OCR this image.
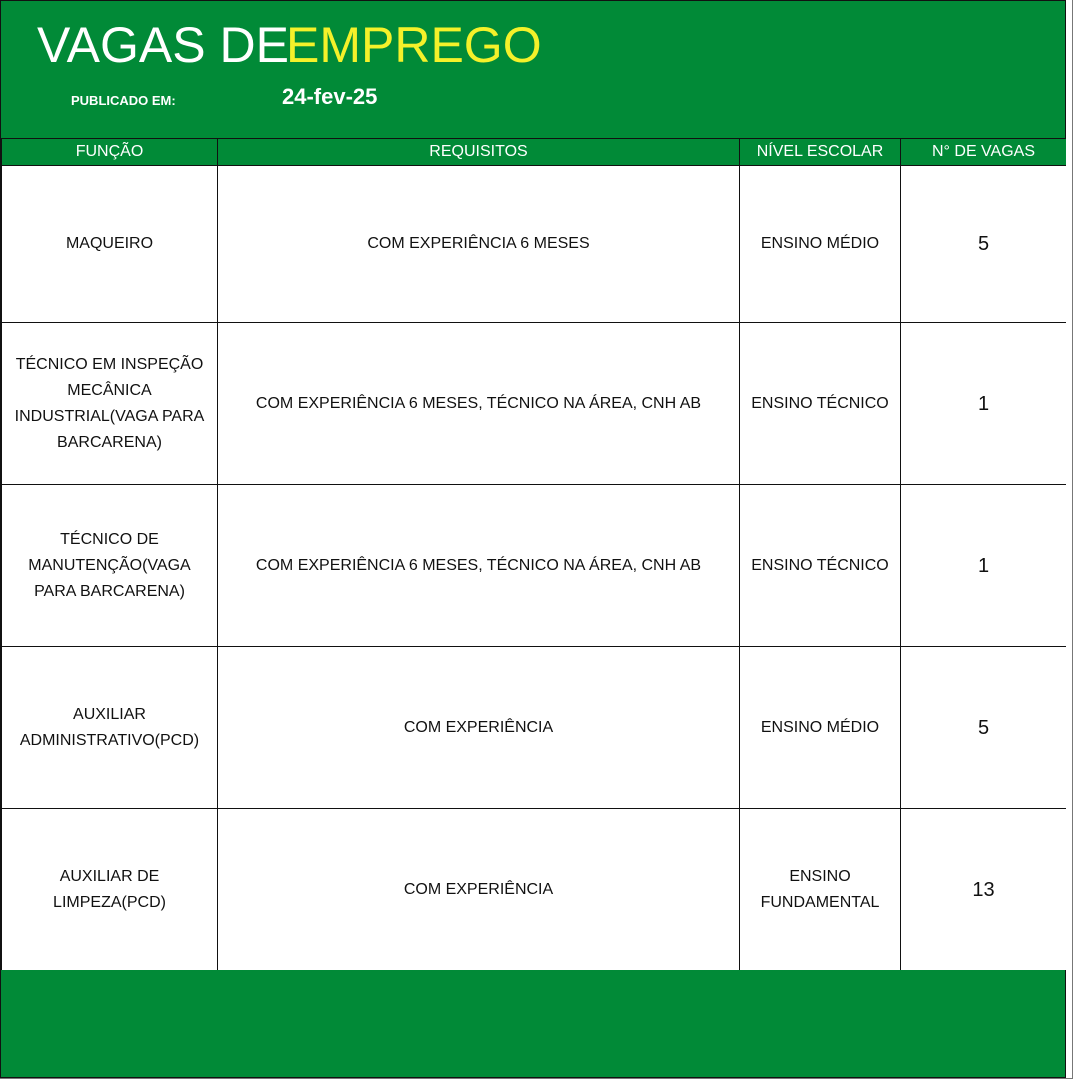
VAGAS DE
EMPREGO
PUBLICADO EM:	24-fev-25
FUNÇÃO	REQUISITOS	NÍVEL ESCOLAR	N° DE VAGAS
MAQUEIRO	COM EXPERIÊNCIA 6 MESES	ENSINO MÉDIO	5
TÉCNICO EM INSPEÇÃO MECÂNICA INDUSTRIAL(VAGA PARA BARCARENA)	COM EXPERIÊNCIA 6 MESES, TÉCNICO NA ÁREA, CNH AB	ENSINO TÉCNICO	1
TÉCNICO DE MANUTENÇÃO(VAGA PARA BARCARENA)	COM EXPERIÊNCIA 6 MESES, TÉCNICO NA ÁREA, CNH AB	ENSINO TÉCNICO	1
AUXILIAR ADMINISTRATIVO(PCD)	COM EXPERIÊNCIA	ENSINO MÉDIO	5
AUXILIAR DE LIMPEZA(PCD)	COM EXPERIÊNCIA	ENSINO FUNDAMENTAL	13
